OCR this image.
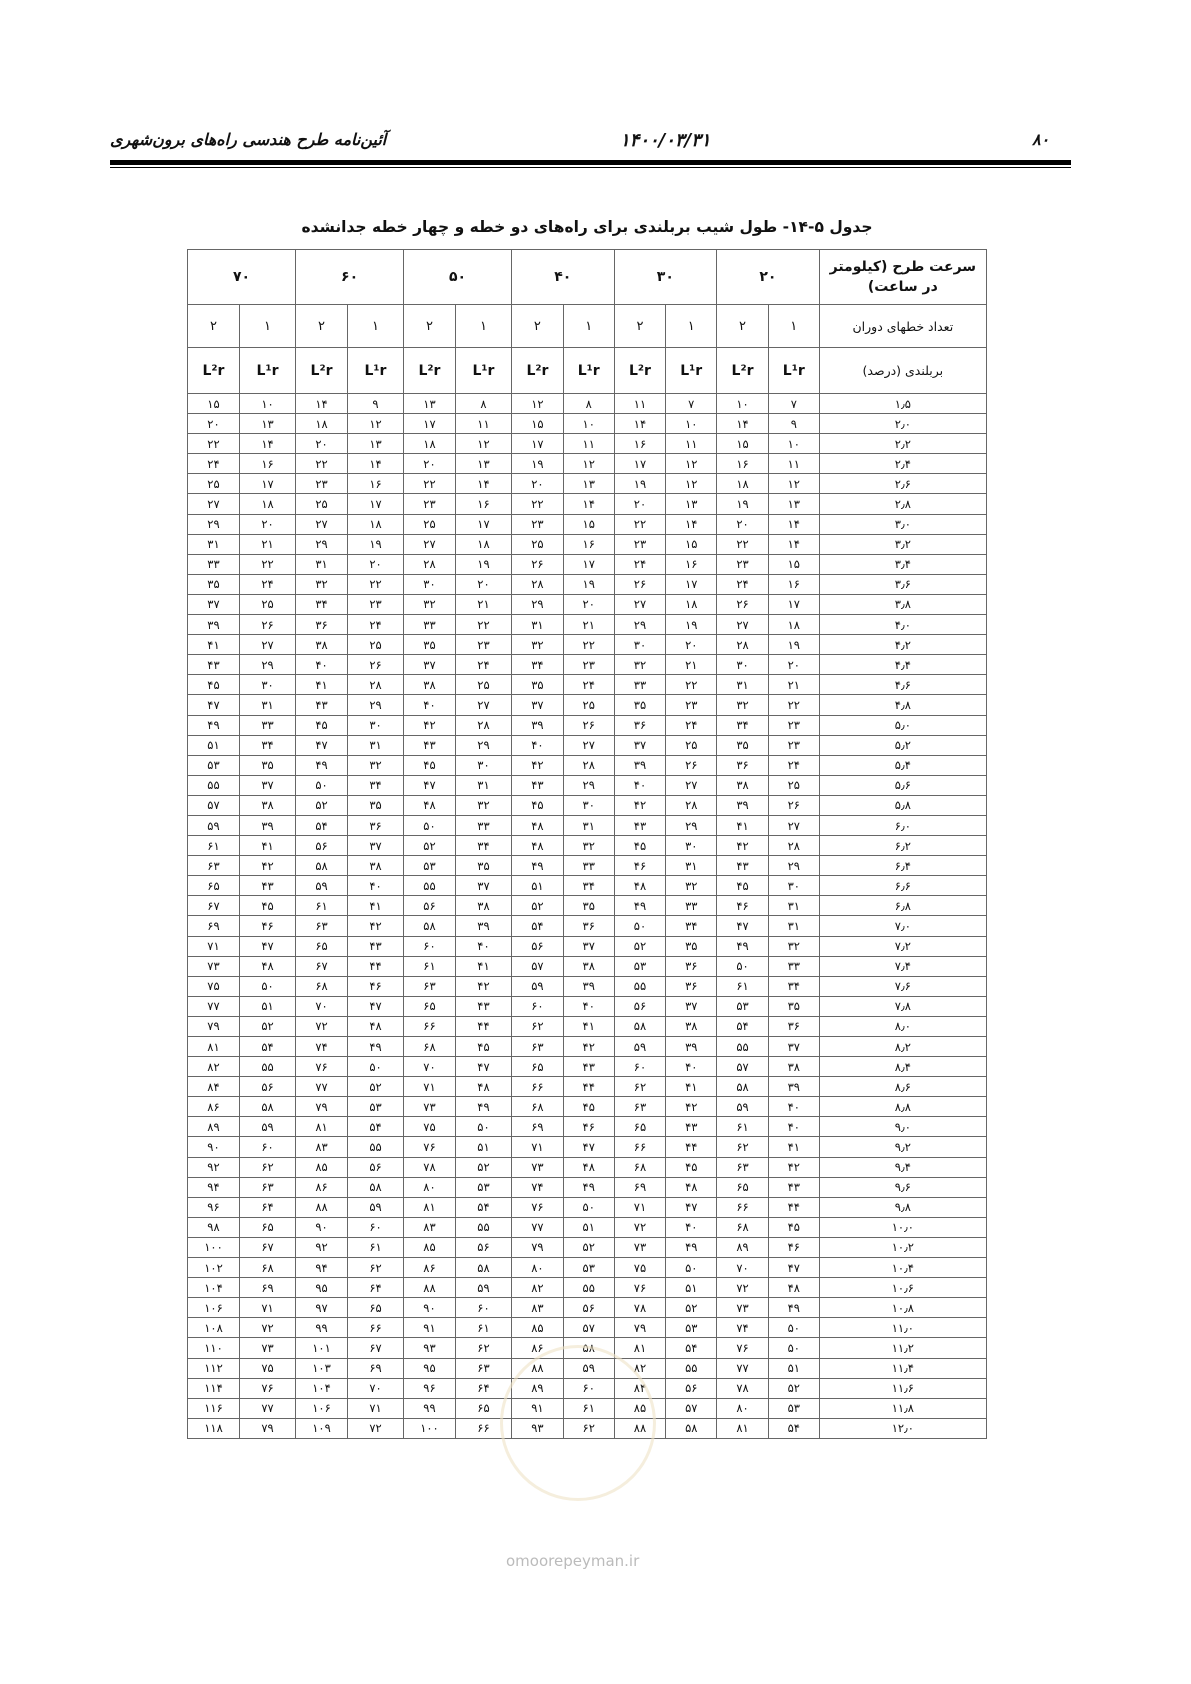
۸۰
۱۴۰۰/۰۳/۳۱
آئین‌نامه طرح هندسی راه‌های برون‌شهری
جدول ۵-۱۴- طول شیب بربلندی برای راه‌های دو خطه و چهار خطه جدانشده
سرعت طرح (کیلومتر در ساعت)	۲۰		۳۰		۴۰		۵۰		۶۰		۷۰	
تعداد خطهای دوران	۱	۲	۱	۲	۱	۲	۱	۲	۱	۲	۱	۲
بربلندی (درصد)	L¹r	L²r	L¹r	L²r	L¹r	L²r	L¹r	L²r	L¹r	L²r	L¹r	L²r
۱٫۵	۷	۱۰	۷	۱۱	۸	۱۲	۸	۱۳	۹	۱۴	۱۰	۱۵
۲٫۰	۹	۱۴	۱۰	۱۴	۱۰	۱۵	۱۱	۱۷	۱۲	۱۸	۱۳	۲۰
۲٫۲	۱۰	۱۵	۱۱	۱۶	۱۱	۱۷	۱۲	۱۸	۱۳	۲۰	۱۴	۲۲
۲٫۴	۱۱	۱۶	۱۲	۱۷	۱۲	۱۹	۱۳	۲۰	۱۴	۲۲	۱۶	۲۴
۲٫۶	۱۲	۱۸	۱۲	۱۹	۱۳	۲۰	۱۴	۲۲	۱۶	۲۳	۱۷	۲۵
۲٫۸	۱۳	۱۹	۱۳	۲۰	۱۴	۲۲	۱۶	۲۳	۱۷	۲۵	۱۸	۲۷
۳٫۰	۱۴	۲۰	۱۴	۲۲	۱۵	۲۳	۱۷	۲۵	۱۸	۲۷	۲۰	۲۹
۳٫۲	۱۴	۲۲	۱۵	۲۳	۱۶	۲۵	۱۸	۲۷	۱۹	۲۹	۲۱	۳۱
۳٫۴	۱۵	۲۳	۱۶	۲۴	۱۷	۲۶	۱۹	۲۸	۲۰	۳۱	۲۲	۳۳
۳٫۶	۱۶	۲۴	۱۷	۲۶	۱۹	۲۸	۲۰	۳۰	۲۲	۳۲	۲۴	۳۵
۳٫۸	۱۷	۲۶	۱۸	۲۷	۲۰	۲۹	۲۱	۳۲	۲۳	۳۴	۲۵	۳۷
۴٫۰	۱۸	۲۷	۱۹	۲۹	۲۱	۳۱	۲۲	۳۳	۲۴	۳۶	۲۶	۳۹
۴٫۲	۱۹	۲۸	۲۰	۳۰	۲۲	۳۲	۲۳	۳۵	۲۵	۳۸	۲۷	۴۱
۴٫۴	۲۰	۳۰	۲۱	۳۲	۲۳	۳۴	۲۴	۳۷	۲۶	۴۰	۲۹	۴۳
۴٫۶	۲۱	۳۱	۲۲	۳۳	۲۴	۳۵	۲۵	۳۸	۲۸	۴۱	۳۰	۴۵
۴٫۸	۲۲	۳۲	۲۳	۳۵	۲۵	۳۷	۲۷	۴۰	۲۹	۴۳	۳۱	۴۷
۵٫۰	۲۳	۳۴	۲۴	۳۶	۲۶	۳۹	۲۸	۴۲	۳۰	۴۵	۳۳	۴۹
۵٫۲	۲۳	۳۵	۲۵	۳۷	۲۷	۴۰	۲۹	۴۳	۳۱	۴۷	۳۴	۵۱
۵٫۴	۲۴	۳۶	۲۶	۳۹	۲۸	۴۲	۳۰	۴۵	۳۲	۴۹	۳۵	۵۳
۵٫۶	۲۵	۳۸	۲۷	۴۰	۲۹	۴۳	۳۱	۴۷	۳۴	۵۰	۳۷	۵۵
۵٫۸	۲۶	۳۹	۲۸	۴۲	۳۰	۴۵	۳۲	۴۸	۳۵	۵۲	۳۸	۵۷
۶٫۰	۲۷	۴۱	۲۹	۴۳	۳۱	۴۸	۳۳	۵۰	۳۶	۵۴	۳۹	۵۹
۶٫۲	۲۸	۴۲	۳۰	۴۵	۳۲	۴۸	۳۴	۵۲	۳۷	۵۶	۴۱	۶۱
۶٫۴	۲۹	۴۳	۳۱	۴۶	۳۳	۴۹	۳۵	۵۳	۳۸	۵۸	۴۲	۶۳
۶٫۶	۳۰	۴۵	۳۲	۴۸	۳۴	۵۱	۳۷	۵۵	۴۰	۵۹	۴۳	۶۵
۶٫۸	۳۱	۴۶	۳۳	۴۹	۳۵	۵۲	۳۸	۵۶	۴۱	۶۱	۴۵	۶۷
۷٫۰	۳۱	۴۷	۳۴	۵۰	۳۶	۵۴	۳۹	۵۸	۴۲	۶۳	۴۶	۶۹
۷٫۲	۳۲	۴۹	۳۵	۵۲	۳۷	۵۶	۴۰	۶۰	۴۳	۶۵	۴۷	۷۱
۷٫۴	۳۳	۵۰	۳۶	۵۳	۳۸	۵۷	۴۱	۶۱	۴۴	۶۷	۴۸	۷۳
۷٫۶	۳۴	۶۱	۳۶	۵۵	۳۹	۵۹	۴۲	۶۳	۴۶	۶۸	۵۰	۷۵
۷٫۸	۳۵	۵۳	۳۷	۵۶	۴۰	۶۰	۴۳	۶۵	۴۷	۷۰	۵۱	۷۷
۸٫۰	۳۶	۵۴	۳۸	۵۸	۴۱	۶۲	۴۴	۶۶	۴۸	۷۲	۵۲	۷۹
۸٫۲	۳۷	۵۵	۳۹	۵۹	۴۲	۶۳	۴۵	۶۸	۴۹	۷۴	۵۴	۸۱
۸٫۴	۳۸	۵۷	۴۰	۶۰	۴۳	۶۵	۴۷	۷۰	۵۰	۷۶	۵۵	۸۲
۸٫۶	۳۹	۵۸	۴۱	۶۲	۴۴	۶۶	۴۸	۷۱	۵۲	۷۷	۵۶	۸۴
۸٫۸	۴۰	۵۹	۴۲	۶۳	۴۵	۶۸	۴۹	۷۳	۵۳	۷۹	۵۸	۸۶
۹٫۰	۴۰	۶۱	۴۳	۶۵	۴۶	۶۹	۵۰	۷۵	۵۴	۸۱	۵۹	۸۹
۹٫۲	۴۱	۶۲	۴۴	۶۶	۴۷	۷۱	۵۱	۷۶	۵۵	۸۳	۶۰	۹۰
۹٫۴	۴۲	۶۳	۴۵	۶۸	۴۸	۷۳	۵۲	۷۸	۵۶	۸۵	۶۲	۹۲
۹٫۶	۴۳	۶۵	۴۸	۶۹	۴۹	۷۴	۵۳	۸۰	۵۸	۸۶	۶۳	۹۴
۹٫۸	۴۴	۶۶	۴۷	۷۱	۵۰	۷۶	۵۴	۸۱	۵۹	۸۸	۶۴	۹۶
۱۰٫۰	۴۵	۶۸	۴۰	۷۲	۵۱	۷۷	۵۵	۸۳	۶۰	۹۰	۶۵	۹۸
۱۰٫۲	۴۶	۸۹	۴۹	۷۳	۵۲	۷۹	۵۶	۸۵	۶۱	۹۲	۶۷	۱۰۰
۱۰٫۴	۴۷	۷۰	۵۰	۷۵	۵۳	۸۰	۵۸	۸۶	۶۲	۹۴	۶۸	۱۰۲
۱۰٫۶	۴۸	۷۲	۵۱	۷۶	۵۵	۸۲	۵۹	۸۸	۶۴	۹۵	۶۹	۱۰۴
۱۰٫۸	۴۹	۷۳	۵۲	۷۸	۵۶	۸۳	۶۰	۹۰	۶۵	۹۷	۷۱	۱۰۶
۱۱٫۰	۵۰	۷۴	۵۳	۷۹	۵۷	۸۵	۶۱	۹۱	۶۶	۹۹	۷۲	۱۰۸
۱۱٫۲	۵۰	۷۶	۵۴	۸۱	۵۸	۸۶	۶۲	۹۳	۶۷	۱۰۱	۷۳	۱۱۰
۱۱٫۴	۵۱	۷۷	۵۵	۸۲	۵۹	۸۸	۶۳	۹۵	۶۹	۱۰۳	۷۵	۱۱۲
۱۱٫۶	۵۲	۷۸	۵۶	۸۴	۶۰	۸۹	۶۴	۹۶	۷۰	۱۰۴	۷۶	۱۱۴
۱۱٫۸	۵۳	۸۰	۵۷	۸۵	۶۱	۹۱	۶۵	۹۹	۷۱	۱۰۶	۷۷	۱۱۶
۱۲٫۰	۵۴	۸۱	۵۸	۸۸	۶۲	۹۳	۶۶	۱۰۰	۷۲	۱۰۹	۷۹	۱۱۸
omoorepeyman.ir
